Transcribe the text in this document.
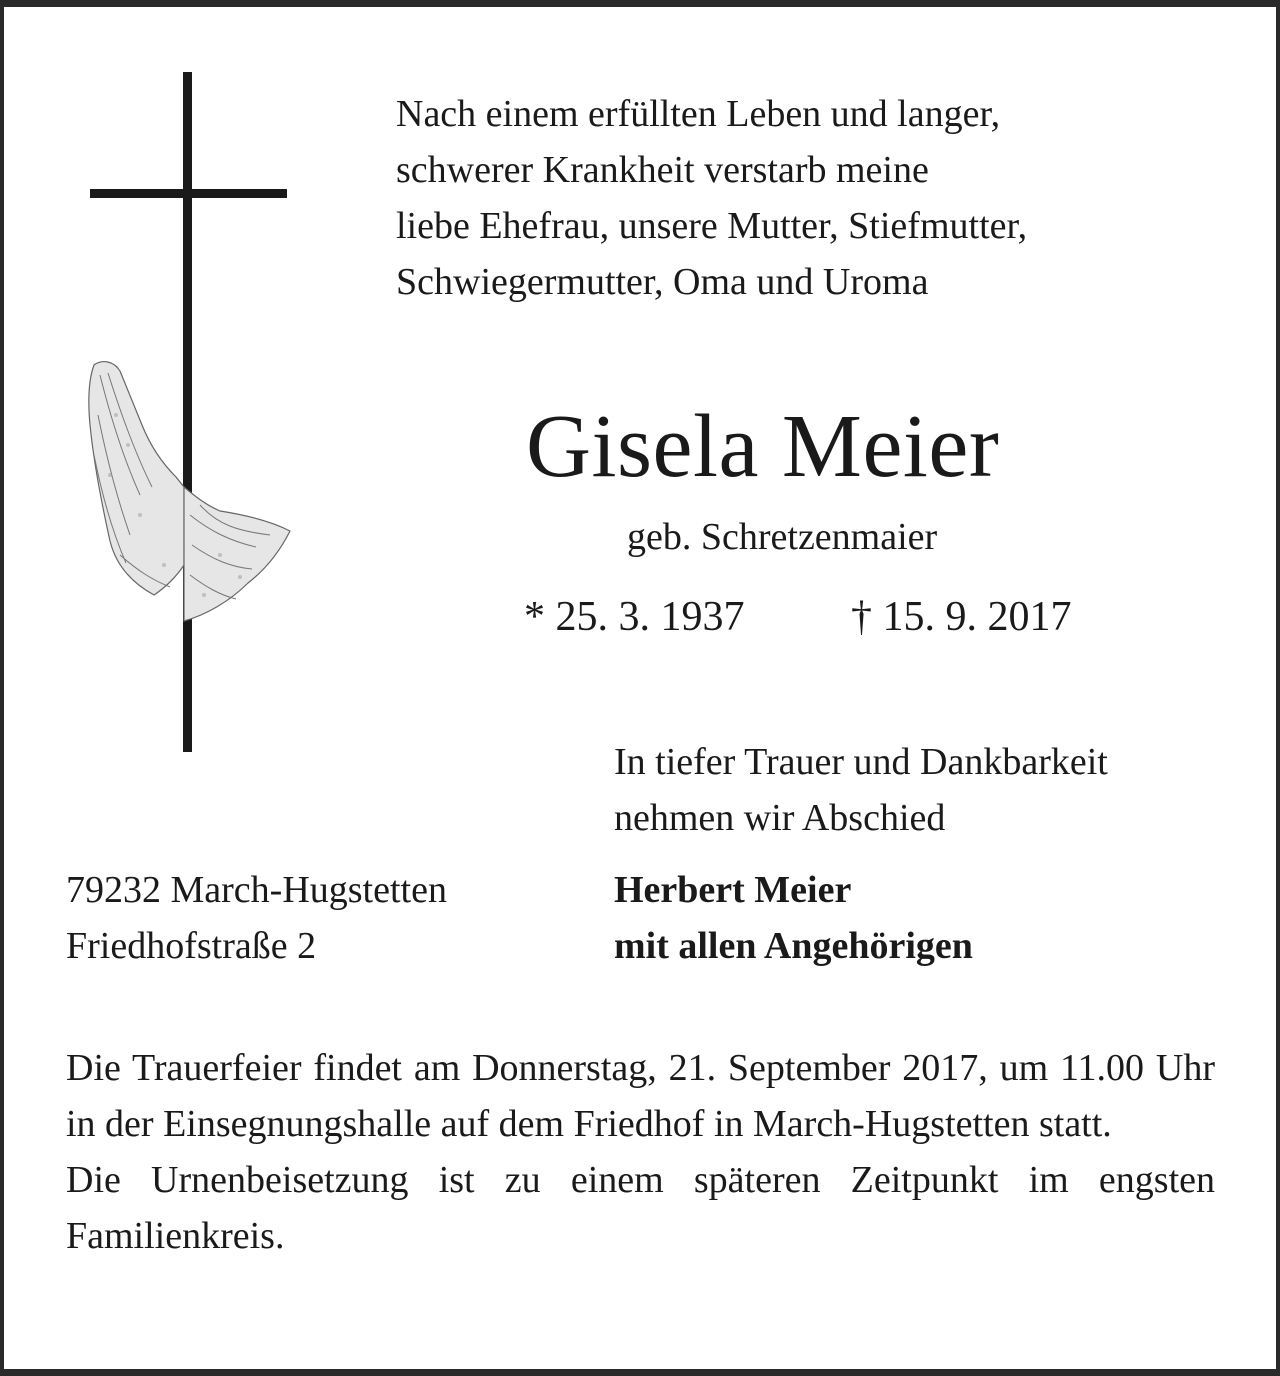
Nach einem erfüllten Leben und langer,
schwerer Krankheit verstarb meine
liebe Ehefrau, unsere Mutter, Stiefmutter,
Schwiegermutter, Oma und Uroma
Gisela Meier
geb. Schretzenmaier
* 25. 3. 1937	† 15. 9. 2017
In tiefer Trauer und Dankbarkeit
nehmen wir Abschied
79232 March-Hugstetten
Friedhofstraße 2
Herbert Meier
mit allen Angehörigen

Die Trauerfeier findet am Donnerstag, 21. September 2017, um 11.00 Uhr in der Einsegnungshalle auf dem Friedhof in March-Hugstetten statt.

Die Urnenbeisetzung ist zu einem späteren Zeitpunkt im engsten Familienkreis.
